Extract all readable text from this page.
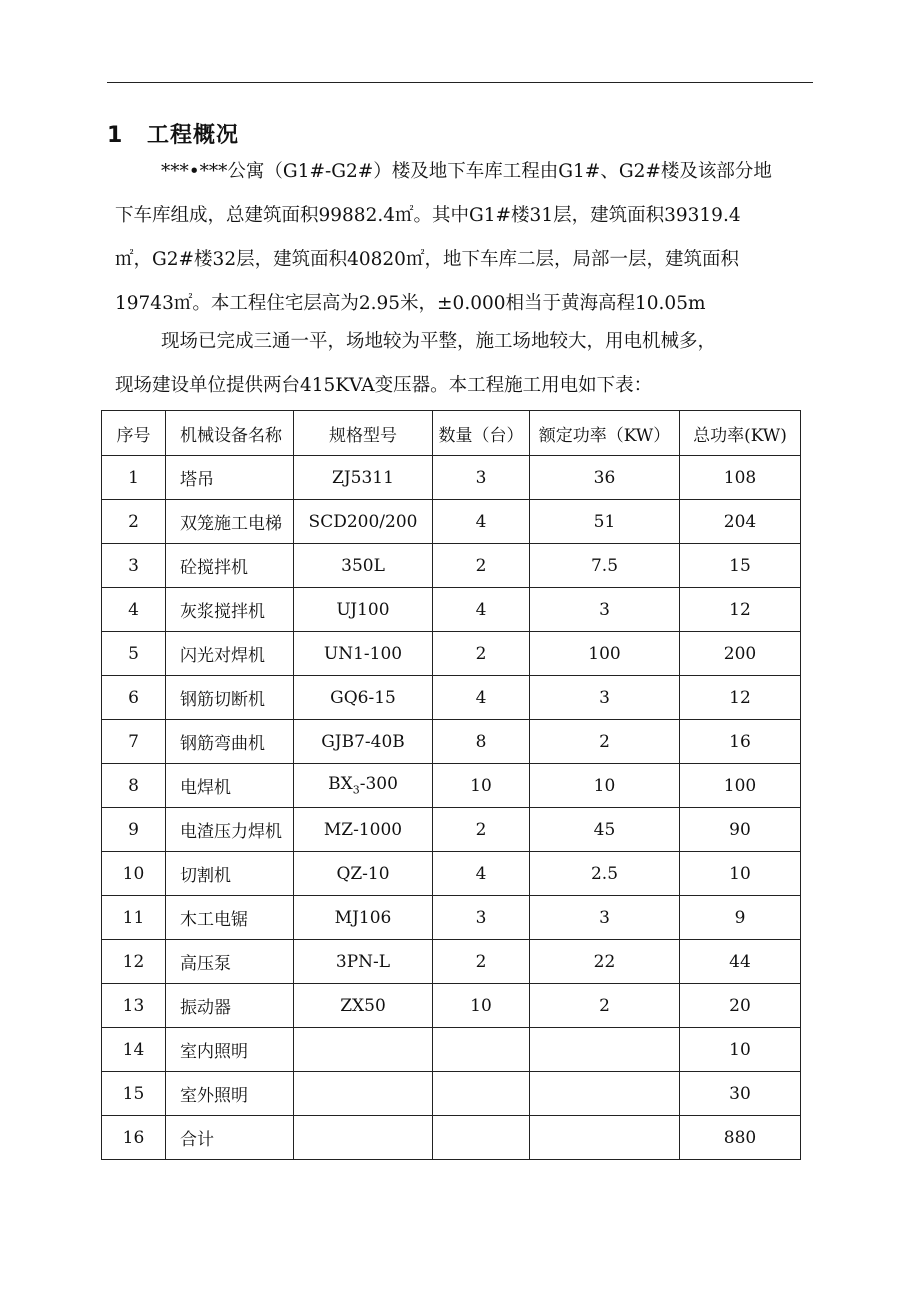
1 工程概况

***•***公寓（G1#-G2#）楼及地下车库工程由G1#、G2#楼及该部分地

下车库组成，总建筑面积99882.4㎡。其中G1#楼31层，建筑面积39319.4

㎡，G2#楼32层，建筑面积40820㎡，地下车库二层，局部一层，建筑面积

19743㎡。本工程住宅层高为2.95米，±0.000相当于黄海高程10.05m

现场已完成三通一平，场地较为平整，施工场地较大，用电机械多，

现场建设单位提供两台415KVA变压器。本工程施工用电如下表：

序号	机械设备名称	规格型号	数量（台）	额定功率（KW）	总功率(KW)
1	塔吊	ZJ5311	3	36	108
2	双笼施工电梯	SCD200/200	4	51	204
3	砼搅拌机	350L	2	7.5	15
4	灰浆搅拌机	UJ100	4	3	12
5	闪光对焊机	UN1-100	2	100	200
6	钢筋切断机	GQ6-15	4	3	12
7	钢筋弯曲机	GJB7-40B	8	2	16
8	电焊机	$BX_3-300$	10	10	100
9	电渣压力焊机	MZ-1000	2	45	90
10	切割机	QZ-10	4	2.5	10
11	木工电锯	MJ106	3	3	9
12	高压泵	3PN-L	2	22	44
13	振动器	ZX50	10	2	20
14	室内照明				10
15	室外照明				30
16	合计				880
